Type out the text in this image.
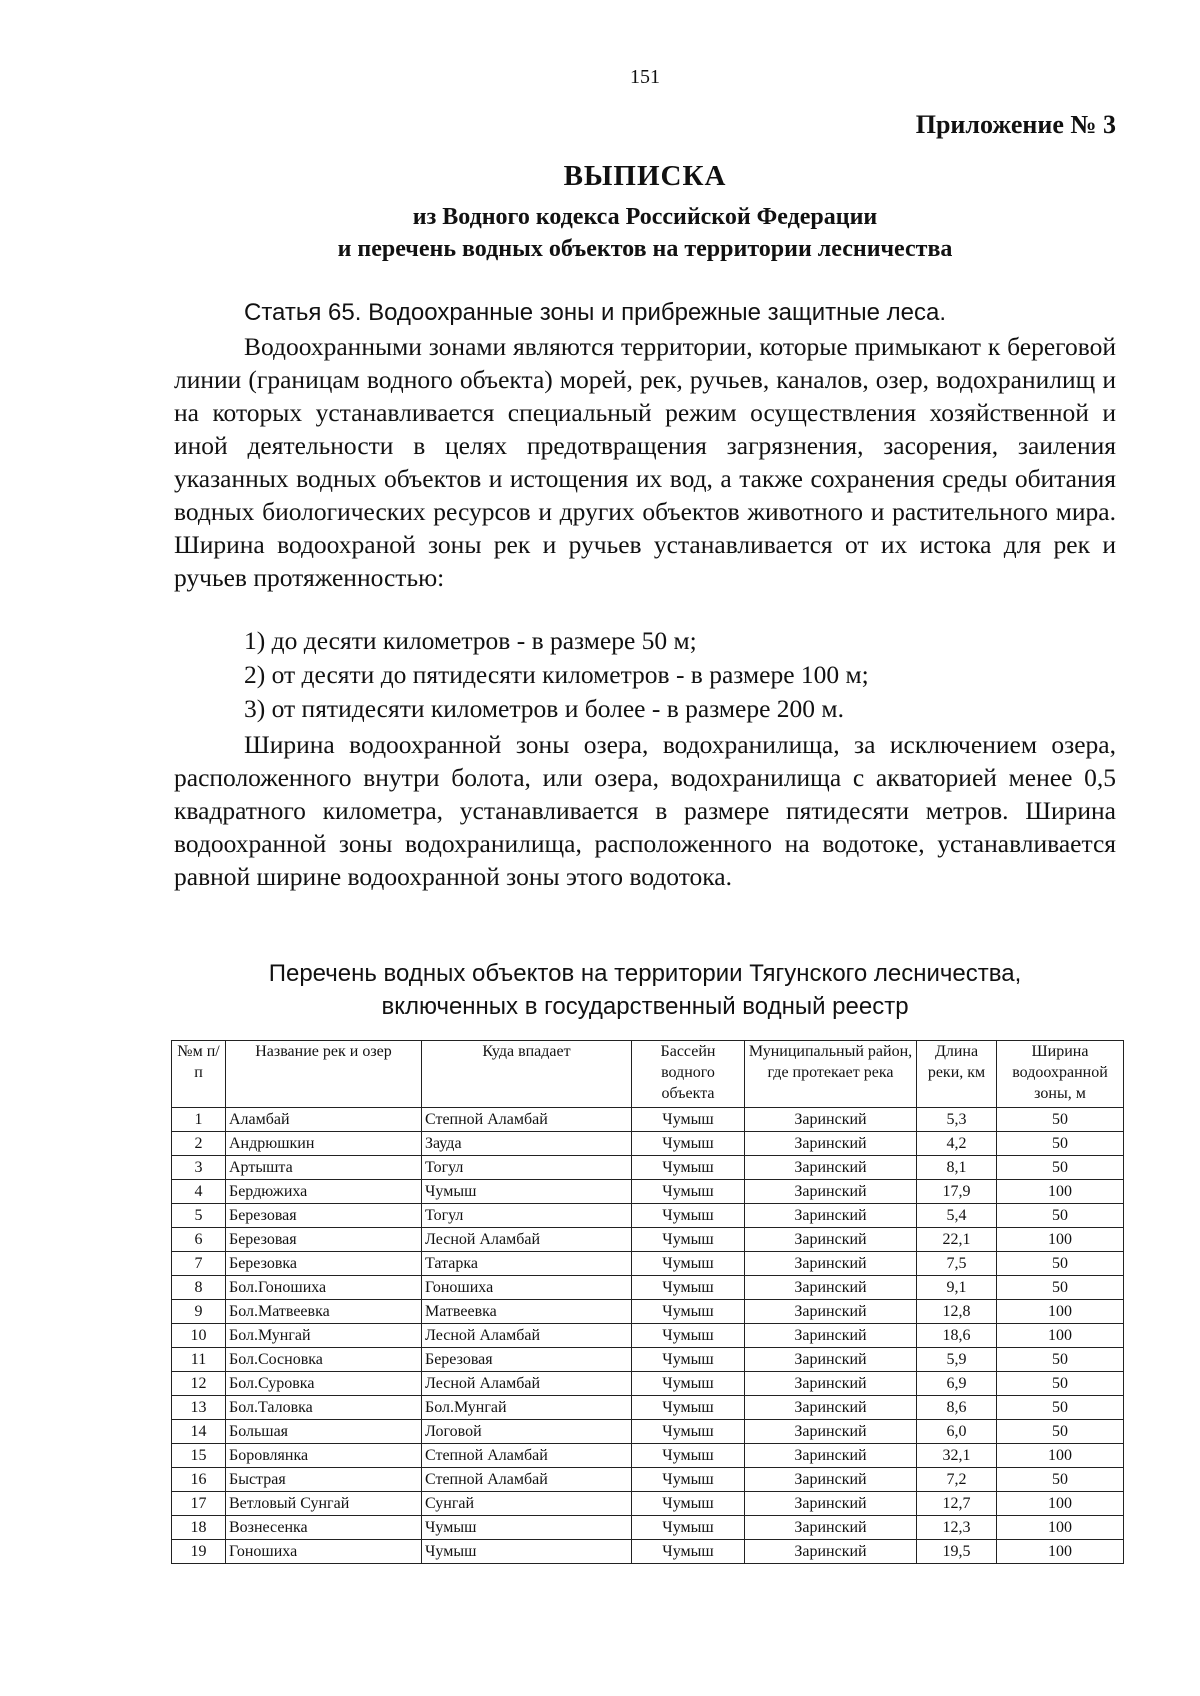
151
Приложение № 3
ВЫПИСКА
из Водного кодекса Российской Федерации
и перечень водных объектов на территории лесничества
Статья 65. Водоохранные зоны и прибрежные защитные леса.
Водоохранными зонами являются территории, которые примыкают к береговой линии (границам водного объекта) морей, рек, ручьев, каналов, озер, водохранилищ и на которых устанавливается специальный режим осуществления хозяйственной и иной деятельности в целях предотвращения загрязнения, засорения, заиления указанных водных объектов и истощения их вод, а также сохранения среды обитания водных биологических ресурсов и других объектов животного и растительного мира. Ширина водоохраной зоны рек и ручьев устанавливается от их истока для рек и ручьев протяженностью:
1) до десяти километров - в размере 50 м;
2) от десяти до пятидесяти километров - в размере 100 м;
3) от пятидесяти километров и более - в размере 200 м.
Ширина водоохранной зоны озера, водохранилища, за исключением озера, расположенного внутри болота, или озера, водохранилища с акваторией менее 0,5 квадратного километра, устанавливается в размере пятидесяти метров. Ширина водоохранной зоны водохранилища, расположенного на водотоке, устанавливается равной ширине водоохранной зоны этого водотока.
Перечень водных объектов на территории Тягунского лесничества,
включенных в государственный водный реестр
№м п/п	Название рек и озер	Куда впадает	Бассейн водного объекта	Муниципальный район, где протекает река	Длина реки, км	Ширина водоохранной зоны, м
1	Аламбай	Степной Аламбай	Чумыш	Заринский	5,3	50
2	Андрюшкин	Зауда	Чумыш	Заринский	4,2	50
3	Артышта	Тогул	Чумыш	Заринский	8,1	50
4	Бердюжиха	Чумыш	Чумыш	Заринский	17,9	100
5	Березовая	Тогул	Чумыш	Заринский	5,4	50
6	Березовая	Лесной Аламбай	Чумыш	Заринский	22,1	100
7	Березовка	Татарка	Чумыш	Заринский	7,5	50
8	Бол.Гоношиха	Гоношиха	Чумыш	Заринский	9,1	50
9	Бол.Матвеевка	Матвеевка	Чумыш	Заринский	12,8	100
10	Бол.Мунгай	Лесной Аламбай	Чумыш	Заринский	18,6	100
11	Бол.Сосновка	Березовая	Чумыш	Заринский	5,9	50
12	Бол.Суровка	Лесной Аламбай	Чумыш	Заринский	6,9	50
13	Бол.Таловка	Бол.Мунгай	Чумыш	Заринский	8,6	50
14	Большая	Логовой	Чумыш	Заринский	6,0	50
15	Боровлянка	Степной Аламбай	Чумыш	Заринский	32,1	100
16	Быстрая	Степной Аламбай	Чумыш	Заринский	7,2	50
17	Ветловый Сунгай	Сунгай	Чумыш	Заринский	12,7	100
18	Вознесенка	Чумыш	Чумыш	Заринский	12,3	100
19	Гоношиха	Чумыш	Чумыш	Заринский	19,5	100
